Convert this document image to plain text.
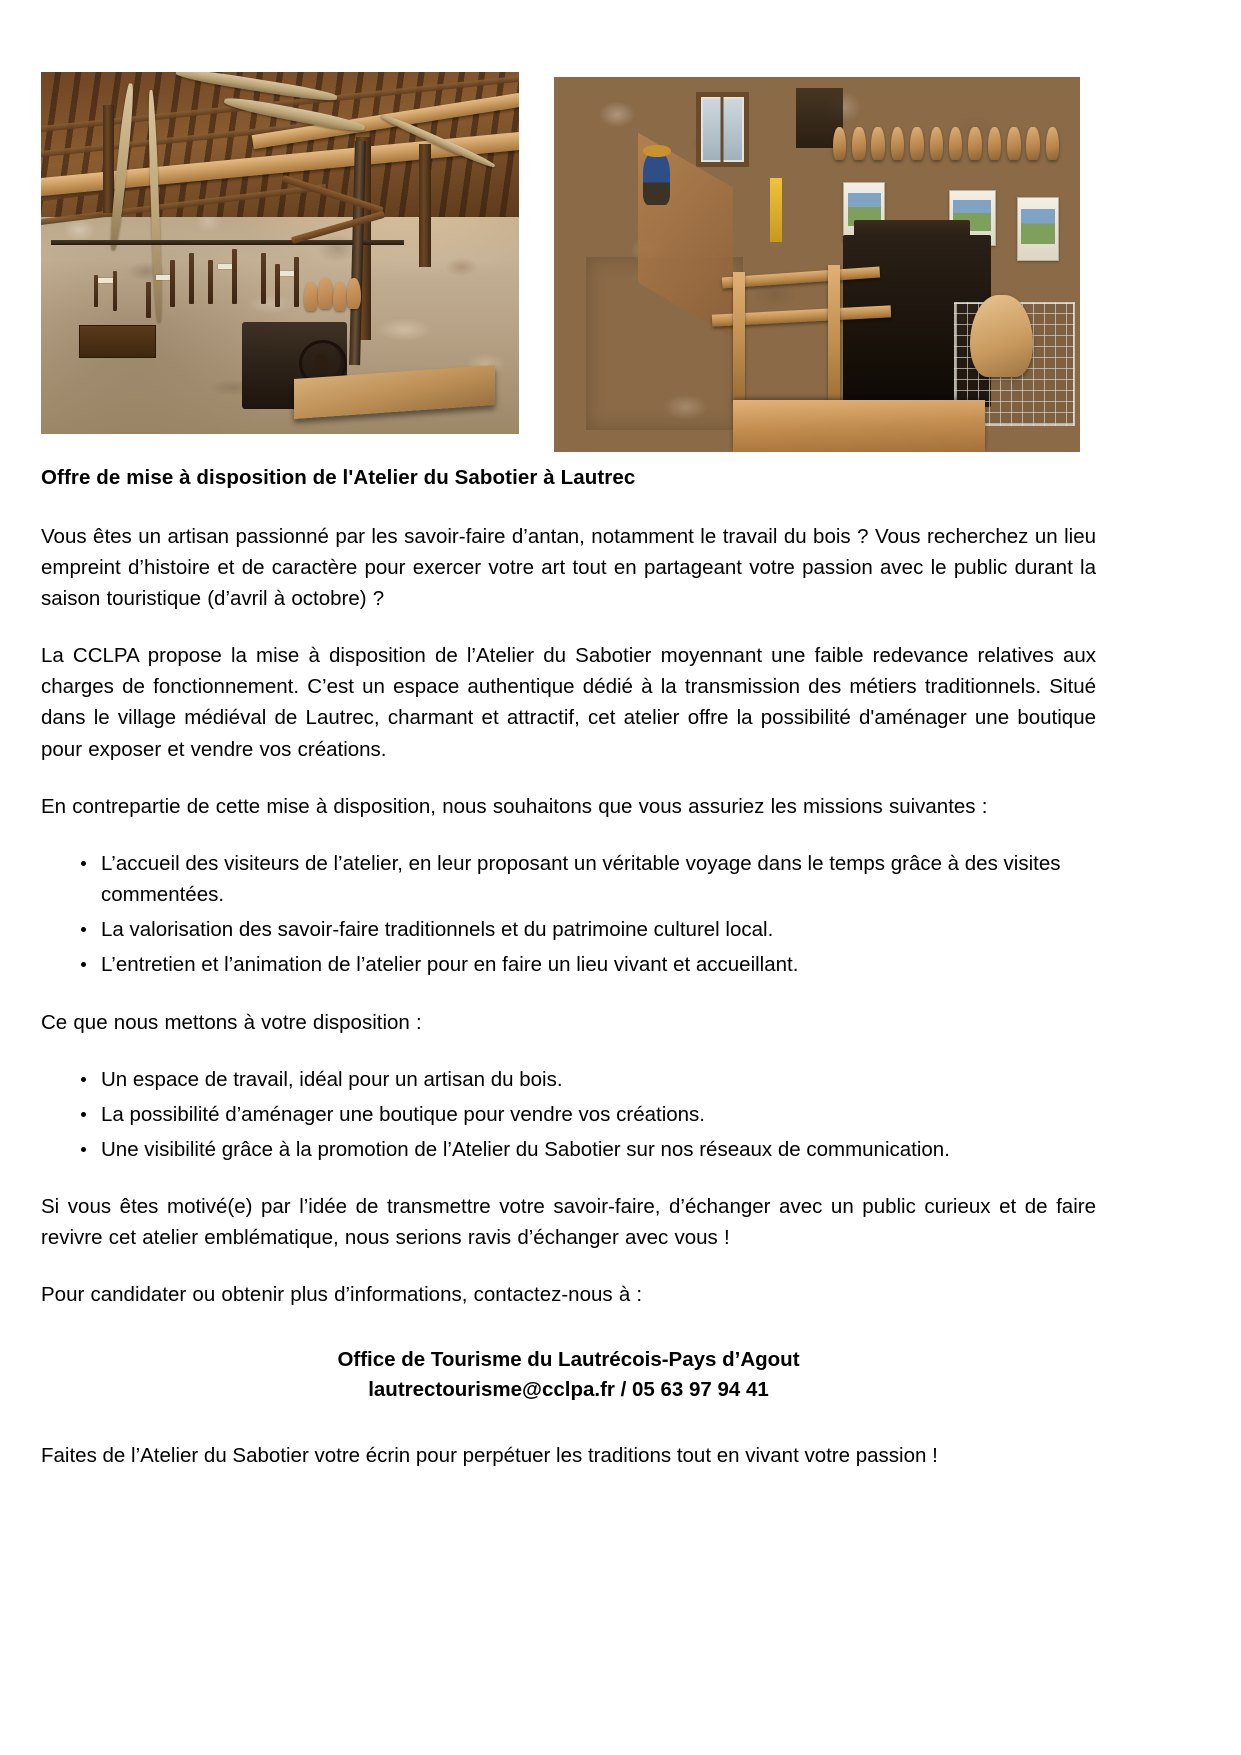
Offre de mise à disposition de l'Atelier du Sabotier à Lautrec

Vous êtes un artisan passionné par les savoir-faire d’antan, notamment le travail du bois ? Vous recherchez un lieu empreint d’histoire et de caractère pour exercer votre art tout en partageant votre passion avec le public durant la saison touristique (d’avril à octobre) ?

La CCLPA propose la mise à disposition de l’Atelier du Sabotier moyennant une faible redevance relatives aux charges de fonctionnement. C’est un espace authentique dédié à la transmission des métiers traditionnels. Situé dans le village médiéval de Lautrec, charmant et attractif, cet atelier offre la possibilité d'aménager une boutique pour exposer et vendre vos créations.

En contrepartie de cette mise à disposition, nous souhaitons que vous assuriez les missions suivantes :

L’accueil des visiteurs de l’atelier, en leur proposant un véritable voyage dans le temps grâce à des visites commentées.
La valorisation des savoir-faire traditionnels et du patrimoine culturel local.
L’entretien et l’animation de l’atelier pour en faire un lieu vivant et accueillant.

Ce que nous mettons à votre disposition :

Un espace de travail, idéal pour un artisan du bois.
La possibilité d’aménager une boutique pour vendre vos créations.
Une visibilité grâce à la promotion de l’Atelier du Sabotier sur nos réseaux de communication.

Si vous êtes motivé(e) par l’idée de transmettre votre savoir-faire, d’échanger avec un public curieux et de faire revivre cet atelier emblématique, nous serions ravis d’échanger avec vous !

Pour candidater ou obtenir plus d’informations, contactez-nous à :

Office de Tourisme du Lautrécois-Pays d’Agout
lautrectourisme@cclpa.fr / 05 63 97 94 41

Faites de l’Atelier du Sabotier votre écrin pour perpétuer les traditions tout en vivant votre passion !
